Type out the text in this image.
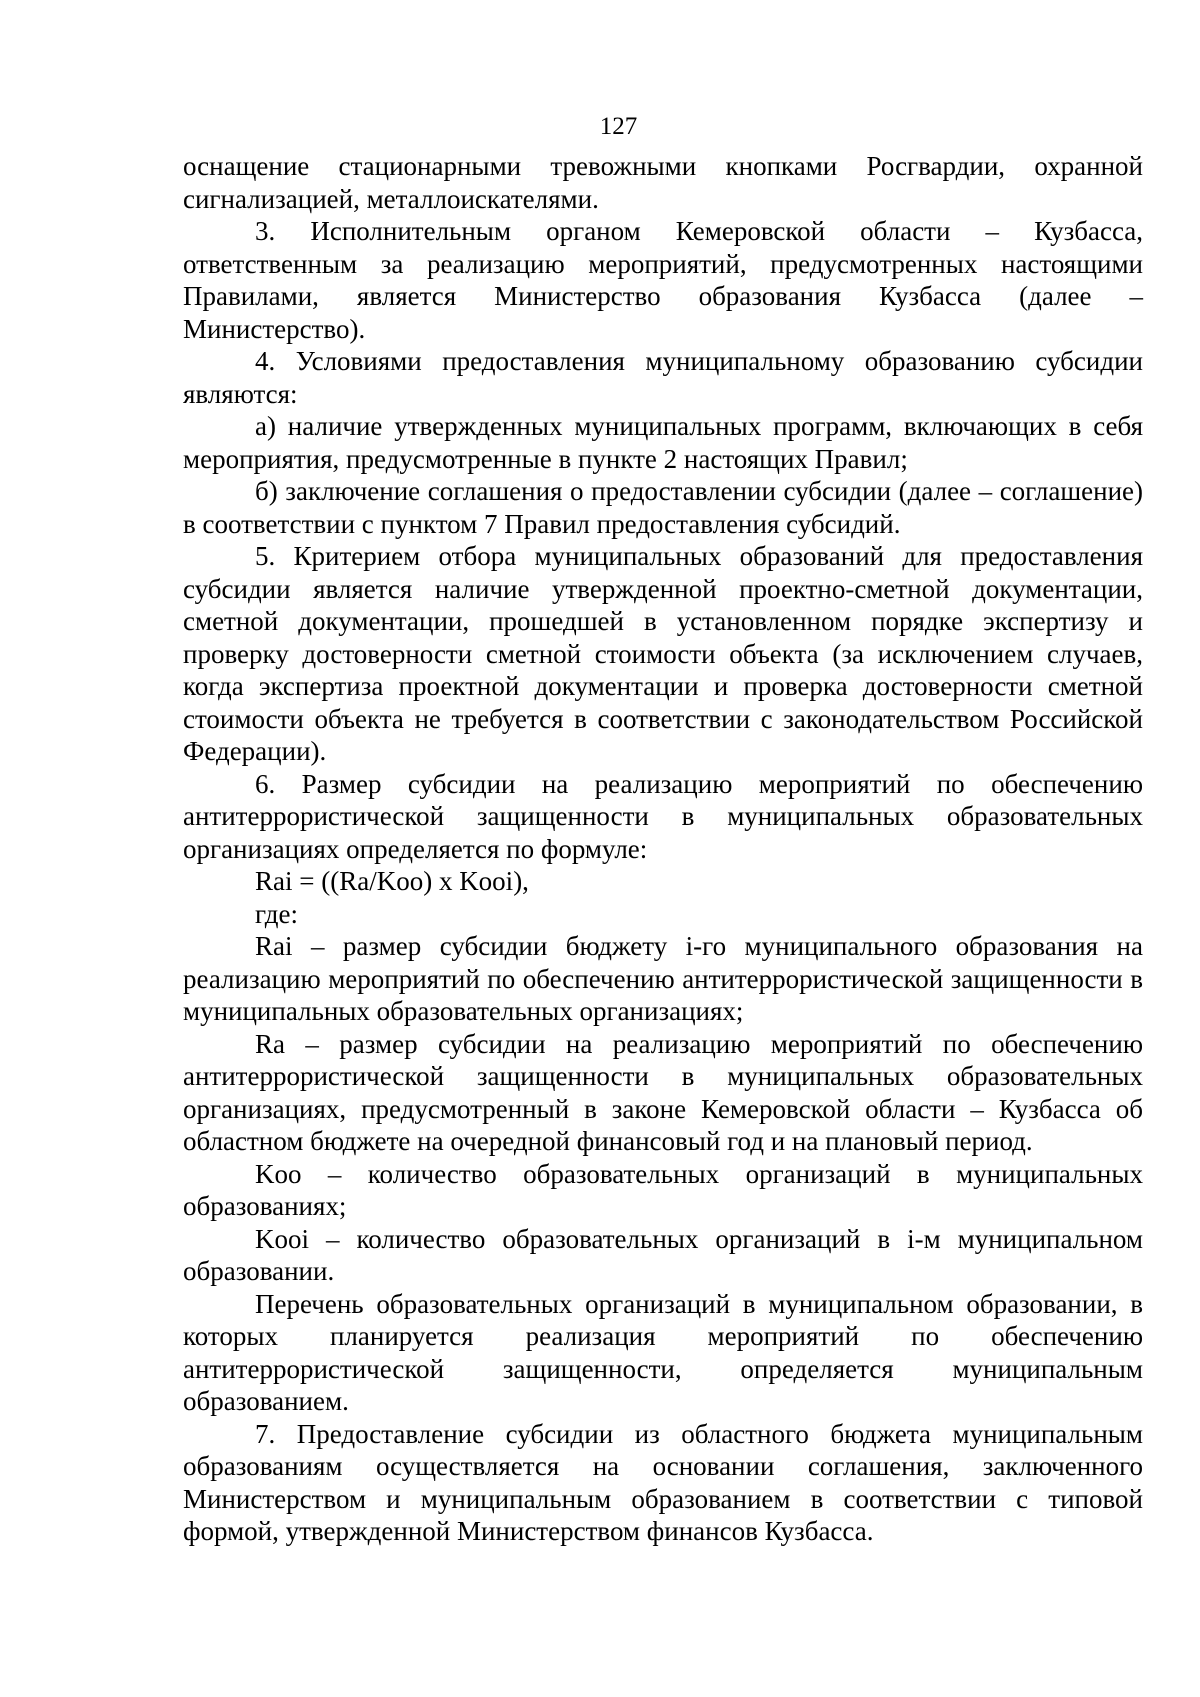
127

оснащение стационарными тревожными кнопками Росгвардии, охранной сигнализацией, металлоискателями.

3. Исполнительным органом Кемеровской области – Кузбасса, ответственным за реализацию мероприятий, предусмотренных настоящими Правилами, является Министерство образования Кузбасса (далее – Министерство).

4. Условиями предоставления муниципальному образованию субсидии являются:

а) наличие утвержденных муниципальных программ, включающих в себя мероприятия, предусмотренные в пункте 2 настоящих Правил;

б) заключение соглашения о предоставлении субсидии (далее – соглашение) в соответствии с пунктом 7 Правил предоставления субсидий.

5. Критерием отбора муниципальных образований для предоставления субсидии является наличие утвержденной проектно-сметной документации, сметной документации, прошедшей в установленном порядке экспертизу и проверку достоверности сметной стоимости объекта (за исключением случаев, когда экспертиза проектной документации и проверка достоверности сметной стоимости объекта не требуется в соответствии с законодательством Российской Федерации).

6. Размер субсидии на реализацию мероприятий по обеспечению антитеррористической защищенности в муниципальных образовательных организациях определяется по формуле:

Rai = ((Ra/Koo) x Kooi),

где:

Rai – размер субсидии бюджету i-го муниципального образования на реализацию мероприятий по обеспечению антитеррористической защищенности в муниципальных образовательных организациях;

Ra – размер субсидии на реализацию мероприятий по обеспечению антитеррористической защищенности в муниципальных образовательных организациях, предусмотренный в законе Кемеровской области – Кузбасса об областном бюджете на очередной финансовый год и на плановый период.

Koo – количество образовательных организаций в муниципальных образованиях;

Kooi – количество образовательных организаций в i-м муниципальном образовании.

Перечень образовательных организаций в муниципальном образовании, в которых планируется реализация мероприятий по обеспечению антитеррористической защищенности, определяется муниципальным образованием.

7. Предоставление субсидии из областного бюджета муниципальным образованиям осуществляется на основании соглашения, заключенного Министерством и муниципальным образованием в соответствии с типовой формой, утвержденной Министерством финансов Кузбасса.
